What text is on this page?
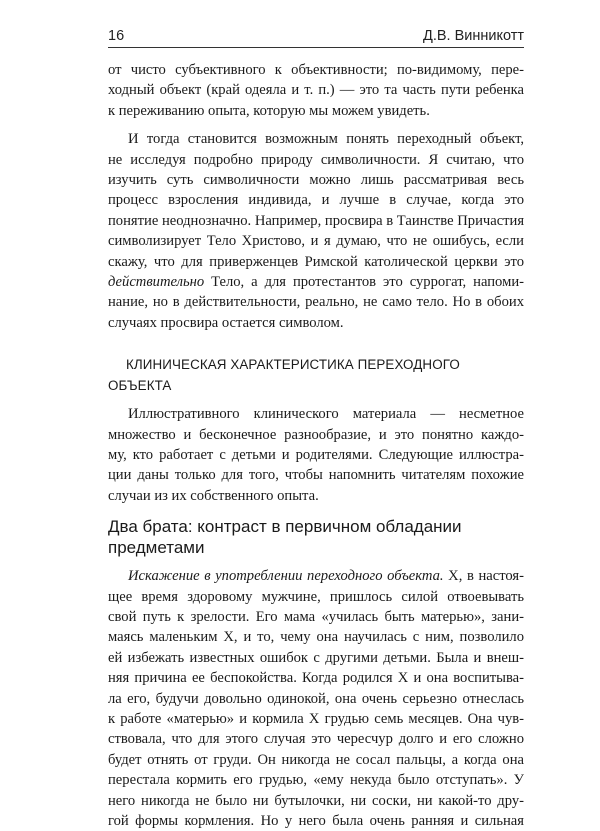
16	Д.В. Винникотт

от чисто субъективного к объективности; по-видимому, пере-
ходный объект (край одеяла и т. п.) — это та часть пути ребенка
к переживанию опыта, которую мы можем увидеть.

И тогда становится возможным понять переходный объект,
не исследуя подробно природу символичности. Я считаю, что
изучить суть символичности можно лишь рассматривая весь
процесс взросления индивида, и лучше в случае, когда это
понятие неоднозначно. Например, просвира в Таинстве Причастия
символизирует Тело Христово, и я думаю, что не ошибусь, если
скажу, что для приверженцев Римской католической церкви это
действительно Тело, а для протестантов это суррогат, напоми-
нание, но в действительности, реально, не само тело. Но в обоих
случаях просвира остается символом.

КЛИНИЧЕСКАЯ ХАРАКТЕРИСТИКА ПЕРЕХОДНОГО ОБЪЕКТА

Иллюстративного клинического материала — несметное
множество и бесконечное разнообразие, и это понятно каждо-
му, кто работает с детьми и родителями. Следующие иллюстра-
ции даны только для того, чтобы напомнить читателям похожие
случаи из их собственного опыта.

Два брата: контраст в первичном обладании
предметами

Искажение в употреблении переходного объекта. X, в настоя-
щее время здоровому мужчине, пришлось силой отвоевывать
свой путь к зрелости. Его мама «училась быть матерью», зани-
маясь маленьким X, и то, чему она научилась с ним, позволило
ей избежать известных ошибок с другими детьми. Была и внеш-
няя причина ее беспокойства. Когда родился X и она воспитыва-
ла его, будучи довольно одинокой, она очень серьезно отнеслась
к работе «матерью» и кормила X грудью семь месяцев. Она чув-
ствовала, что для этого случая это чересчур долго и его сложно
будет отнять от груди. Он никогда не сосал пальцы, а когда она
перестала кормить его грудью, «ему некуда было отступать». У
него никогда не было ни бутылочки, ни соски, ни какой-то дру-
гой формы кормления. Но у него была очень ранняя и сильная
